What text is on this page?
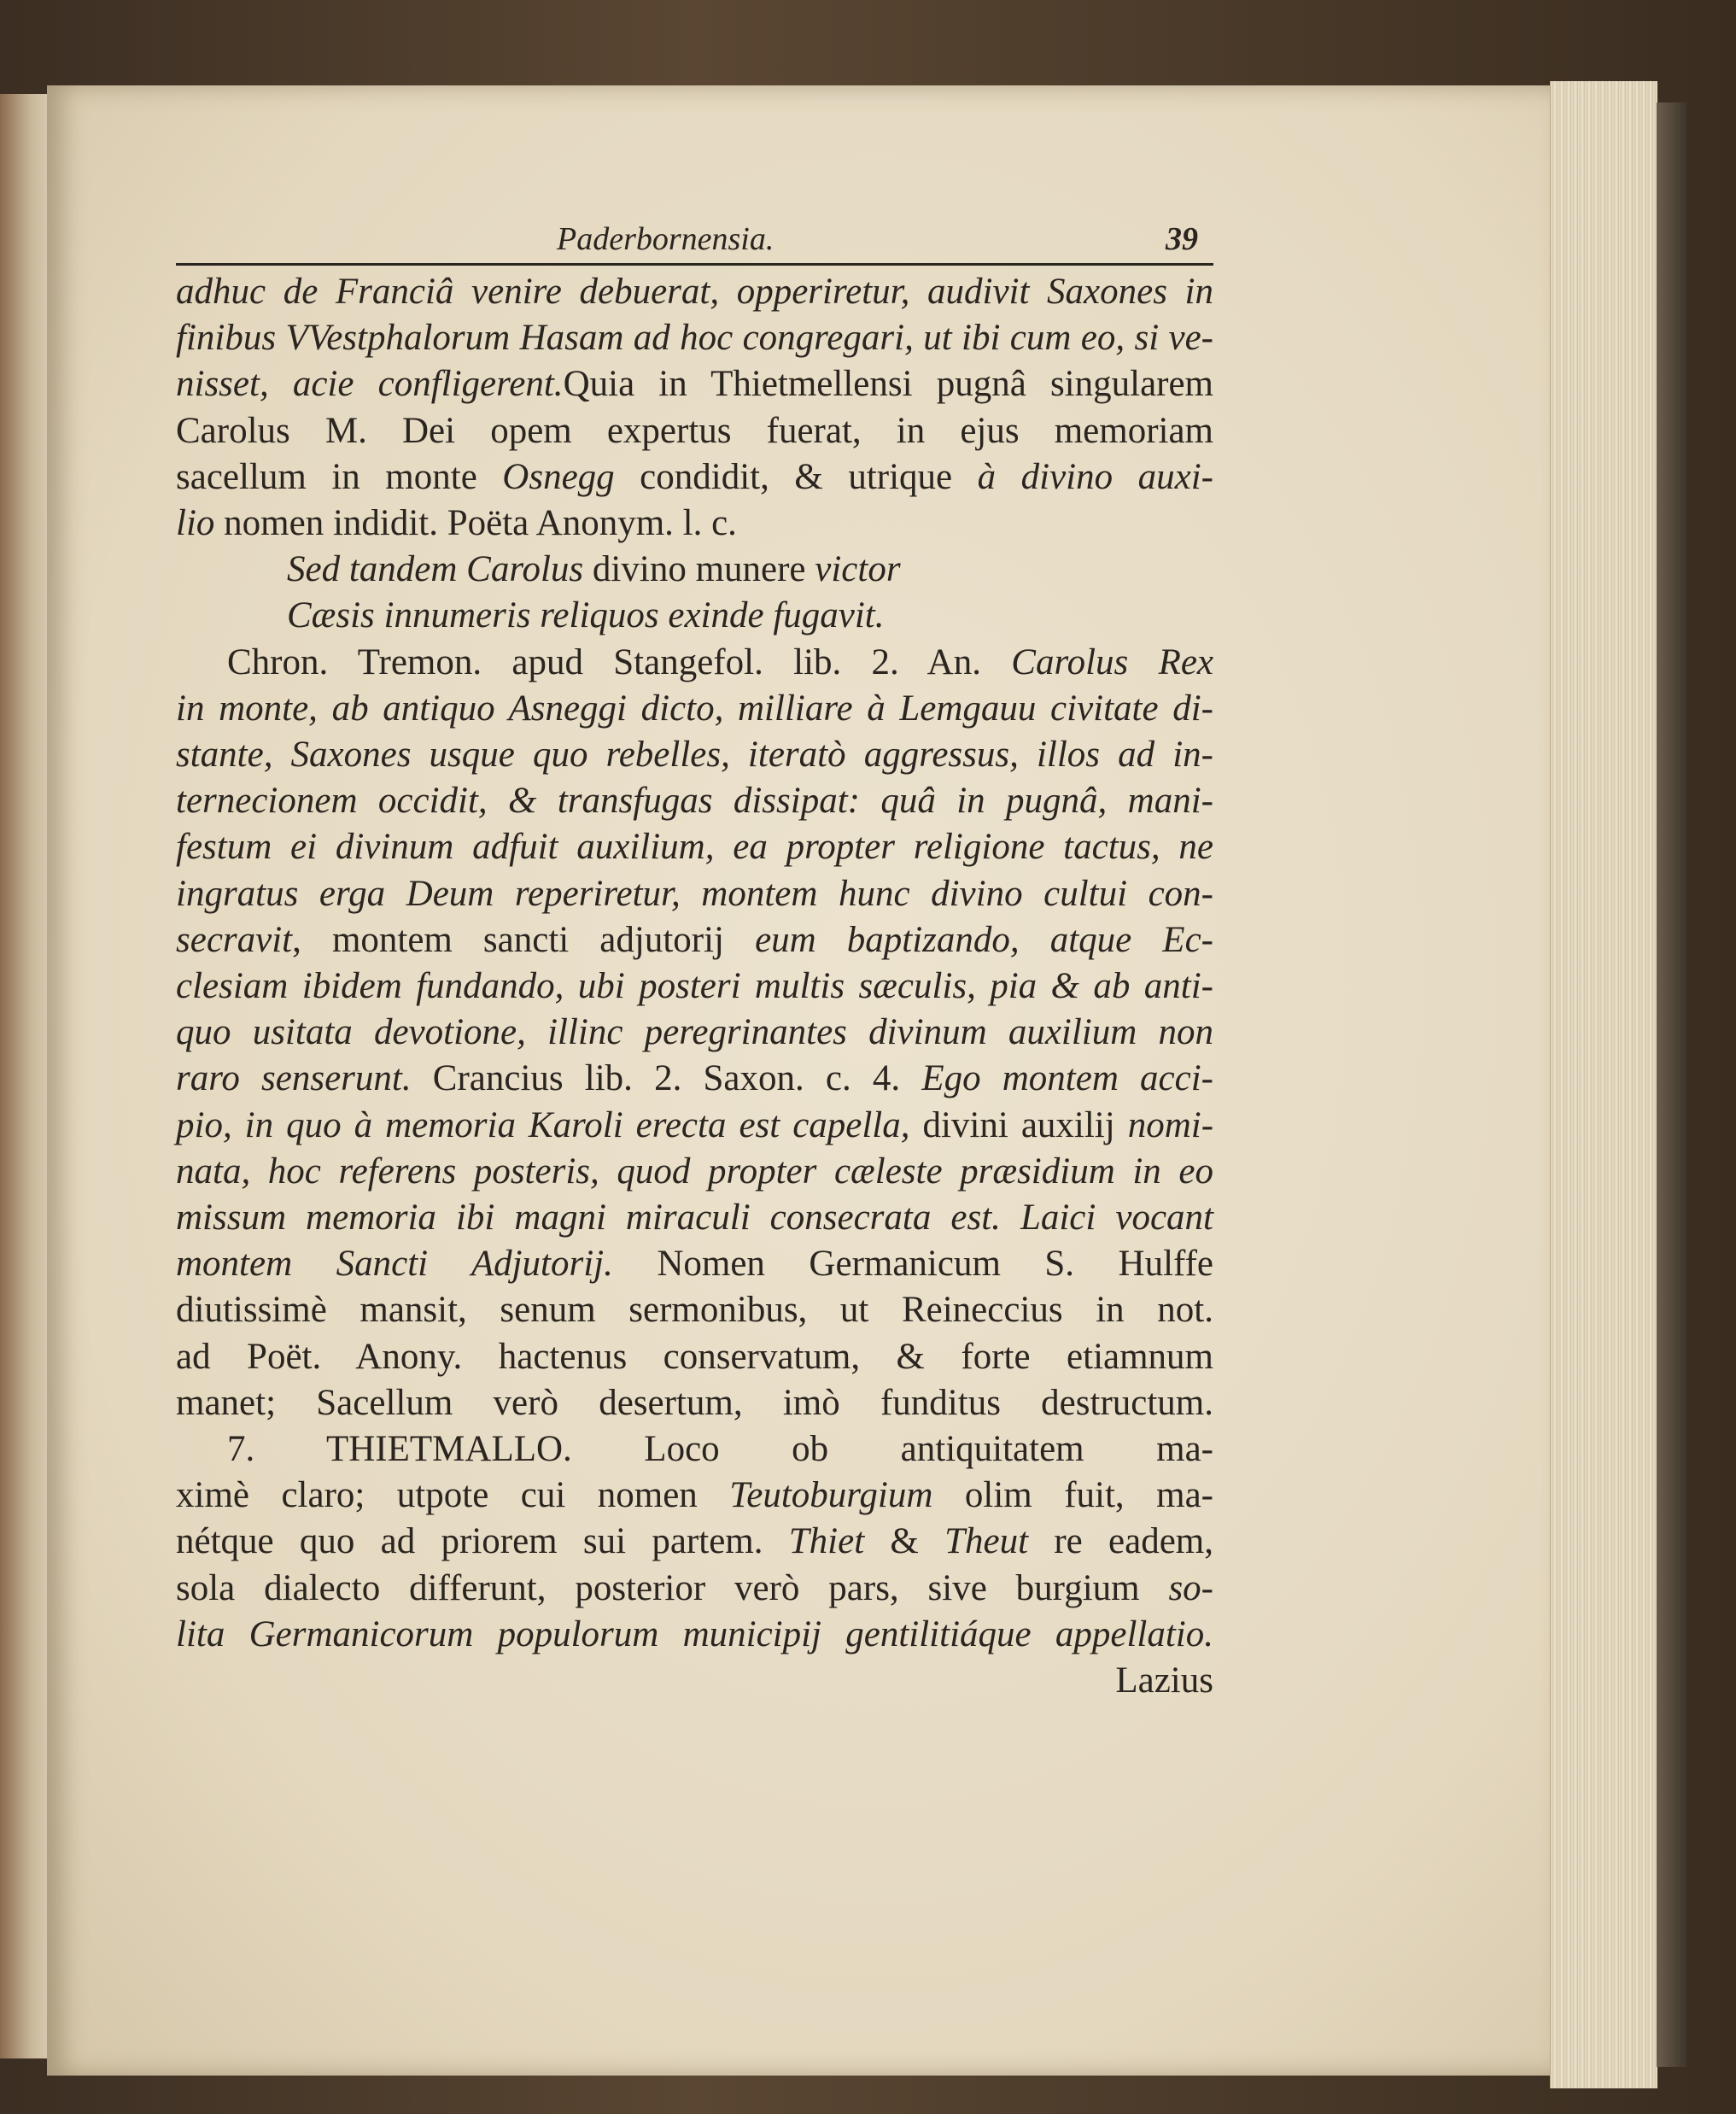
Paderbornensia.	39
adhuc de Franciâ venire debuerat, opperiretur, audivit Saxones in
finibus VVestphalorum Hasam ad hoc congregari, ut ibi cum eo, si ve-
nisset, acie confligerent.Quia in Thietmellensi pugnâ singularem
Carolus M. Dei opem expertus fuerat, in ejus memoriam
sacellum in monte Osnegg condidit, & utrique à divino auxi-
lio nomen indidit. Poëta Anonym. l. c.
Sed tandem Carolus divino munere victor
Cæsis innumeris reliquos exinde fugavit.
Chron. Tremon. apud Stangefol. lib. 2. An. Carolus Rex
in monte, ab antiquo Asneggi dicto, milliare à Lemgauu civitate di-
stante, Saxones usque quo rebelles, iteratò aggressus, illos ad in-
ternecionem occidit, & transfugas dissipat: quâ in pugnâ, mani-
festum ei divinum adfuit auxilium, ea propter religione tactus, ne
ingratus erga Deum reperiretur, montem hunc divino cultui con-
secravit, montem sancti adjutorij eum baptizando, atque Ec-
clesiam ibidem fundando, ubi posteri multis sæculis, pia & ab anti-
quo usitata devotione, illinc peregrinantes divinum auxilium non
raro senserunt. Crancius lib. 2. Saxon. c. 4. Ego montem acci-
pio, in quo à memoria Karoli erecta est capella, divini auxilij nomi-
nata, hoc referens posteris, quod propter cæleste præsidium in eo
missum memoria ibi magni miraculi consecrata est. Laici vocant
montem Sancti Adjutorij. Nomen Germanicum S. Hulffe
diutissimè mansit, senum sermonibus, ut Reineccius in not.
ad Poët. Anony. hactenus conservatum, & forte etiamnum
manet; Sacellum verò desertum, imò funditus destructum.
7. THIETMALLO. Loco ob antiquitatem ma-
ximè claro; utpote cui nomen Teutoburgium olim fuit, ma-
nétque quo ad priorem sui partem. Thiet & Theut re eadem,
sola dialecto differunt, posterior verò pars, sive burgium so-
lita Germanicorum populorum municipij gentilitiáque appellatio.
Lazius
